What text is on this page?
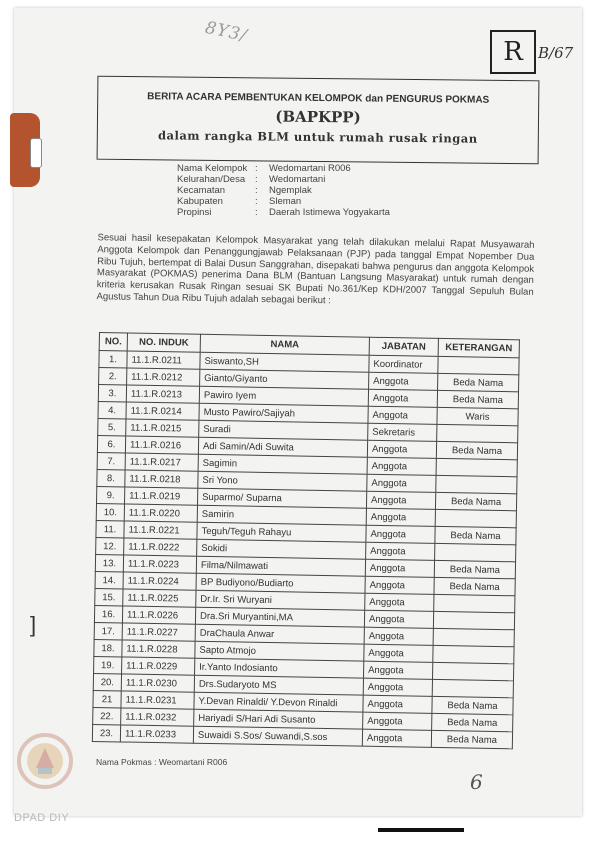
8Y3/
R	B/67
BERITA ACARA PEMBENTUKAN KELOMPOK dan PENGURUS POKMAS
(BAPKPP)
dalam rangka BLM untuk rumah rusak ringan
Nama Kelompok :	Wedomartani R006
Kelurahan/Desa	:	Wedomartani
Kecamatan	:	Ngemplak
Kabupaten	:	Sleman
Propinsi	:	Daerah Istimewa Yogyakarta
Sesuai hasil kesepakatan Kelompok Masyarakat yang telah dilakukan melalui Rapat Musyawarah Anggota Kelompok dan Penanggungjawab Pelaksanaan (PJP) pada tanggal Empat Nopember Dua Ribu Tujuh, bertempat di Balai Dusun Sanggrahan, disepakati bahwa pengurus dan anggota Kelompok Masyarakat (POKMAS) penerima Dana BLM (Bantuan Langsung Masyarakat) untuk rumah dengan kriteria kerusakan Rusak Ringan sesuai SK Bupati No.361/Kep KDH/2007 Tanggal Sepuluh Bulan Agustus Tahun Dua Ribu Tujuh adalah sebagai berikut :
NO.	NO. INDUK	NAMA	JABATAN	KETERANGAN
1.	11.1.R.0211	Siswanto,SH	Koordinator	
2.	11.1.R.0212	Gianto/Giyanto	Anggota	Beda Nama
3.	11.1.R.0213	Pawiro Iyem	Anggota	Beda Nama
4.	11.1.R.0214	Musto Pawiro/Sajiyah	Anggota	Waris
5.	11.1.R.0215	Suradi	Sekretaris	
6.	11.1.R.0216	Adi Samin/Adi Suwita	Anggota	Beda Nama
7.	11.1.R.0217	Sagimin	Anggota	
8.	11.1.R.0218	Sri Yono	Anggota	
9.	11.1.R.0219	Suparmo/ Suparna	Anggota	Beda Nama
10.	11.1.R.0220	Samirin	Anggota	
11.	11.1.R.0221	Teguh/Teguh Rahayu	Anggota	Beda Nama
12.	11.1.R.0222	Sokidi	Anggota	
13.	11.1.R.0223	Filma/Nilmawati	Anggota	Beda Nama
14.	11.1.R.0224	BP Budiyono/Budiarto	Anggota	Beda Nama
15.	11.1.R.0225	Dr.Ir. Sri Wuryani	Anggota	
16.	11.1.R.0226	Dra.Sri Muryantini,MA	Anggota	
17.	11.1.R.0227	DraChaula Anwar	Anggota	
18.	11.1.R.0228	Sapto Atmojo	Anggota	
19.	11.1.R.0229	Ir.Yanto Indosianto	Anggota	
20.	11.1.R.0230	Drs.Sudaryoto MS	Anggota	
21	11.1.R.0231	Y.Devan Rinaldi/ Y.Devon Rinaldi	Anggota	Beda Nama
22.	11.1.R.0232	Hariyadi S/Hari Adi Susanto	Anggota	Beda Nama
23.	11.1.R.0233	Suwaidi S.Sos/ Suwandi,S.sos	Anggota	Beda Nama
Nama Pokmas : Weomartani R006
6
]
DPAD DIY
